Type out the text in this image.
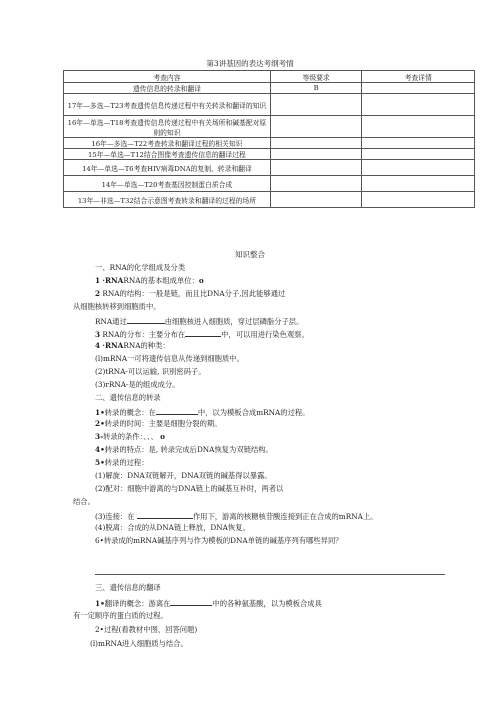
第3讲基因的表达考纲考情
考查内容	等级要求	考查详情
遗传信息的转录和翻译	B	
17年—多选—T23考查遗传信息传递过程中有关转录和翻译的知识		
16年—单选—T18考查遗传信息传递过程中有关场所和碱基配对原则的知识		
16年—多选—T22考查转录和翻译过程的相关知识		
15年—单选—T12结合图像考查遗传信息的翻译过程		
14年—单选—T6考查HIV病毒DNA的复制、转录和翻译		
14年—单选—T20考查基因控制蛋白质合成		
13年—非选—T32结合示意图考查转录和翻译的过程的场所		
知识整合
一、RNA的化学组成及分类
1 ·RNARNA的基本组成单位：o
2 RNA的结构：一般是链，而且比DNA分子,因此能够通过
从细胞核转移到细胞质中。
RNA通过	由细胞核进入细胞质，穿过层磷脂分子层。
3 RNA的分布：主要分布在	中，可以用进行染色观察。
4 ·RNARNA的种类：
(l)mRNA一可将遗传信息从传递到细胞质中。
(2)tRNA-可以运输, 识别密码子。
(3)rRNA-是的组成成分。
二、遗传信息的转录
1•转录的概念：在	中，以为模板合成mRNA的过程。
2•转录的时间：主要是细胞分裂的期。
3-转录的条件：、、、 o
4•转录的特点：是, 转录完成后DNA恢复为双链结构。
5•转录的过程：
(1)解旋：DNA双链解开，DNA双链的碱基得以暴露。
(2)配对：细胞中游离的与DNA链上的碱基互补时，两者以
结合。
(3)连接：在	作用下，游离的核糖核苷酸连接到正在合成的mRNA上。
(4)脱离：合成的从DNA链上释放，DNA恢复。
6•转录成的mRNA碱基序列与作为模板的DNA单链的碱基序列有哪些异同？
三、遗传信息的翻译
1•翻译的概念：游离在	中的各种氨基酸，以为模板合成具
有一定顺序的蛋白质的过程。
2•过程(看教材中图，回答问题)
(l)mRNA进入细胞质与结合。
